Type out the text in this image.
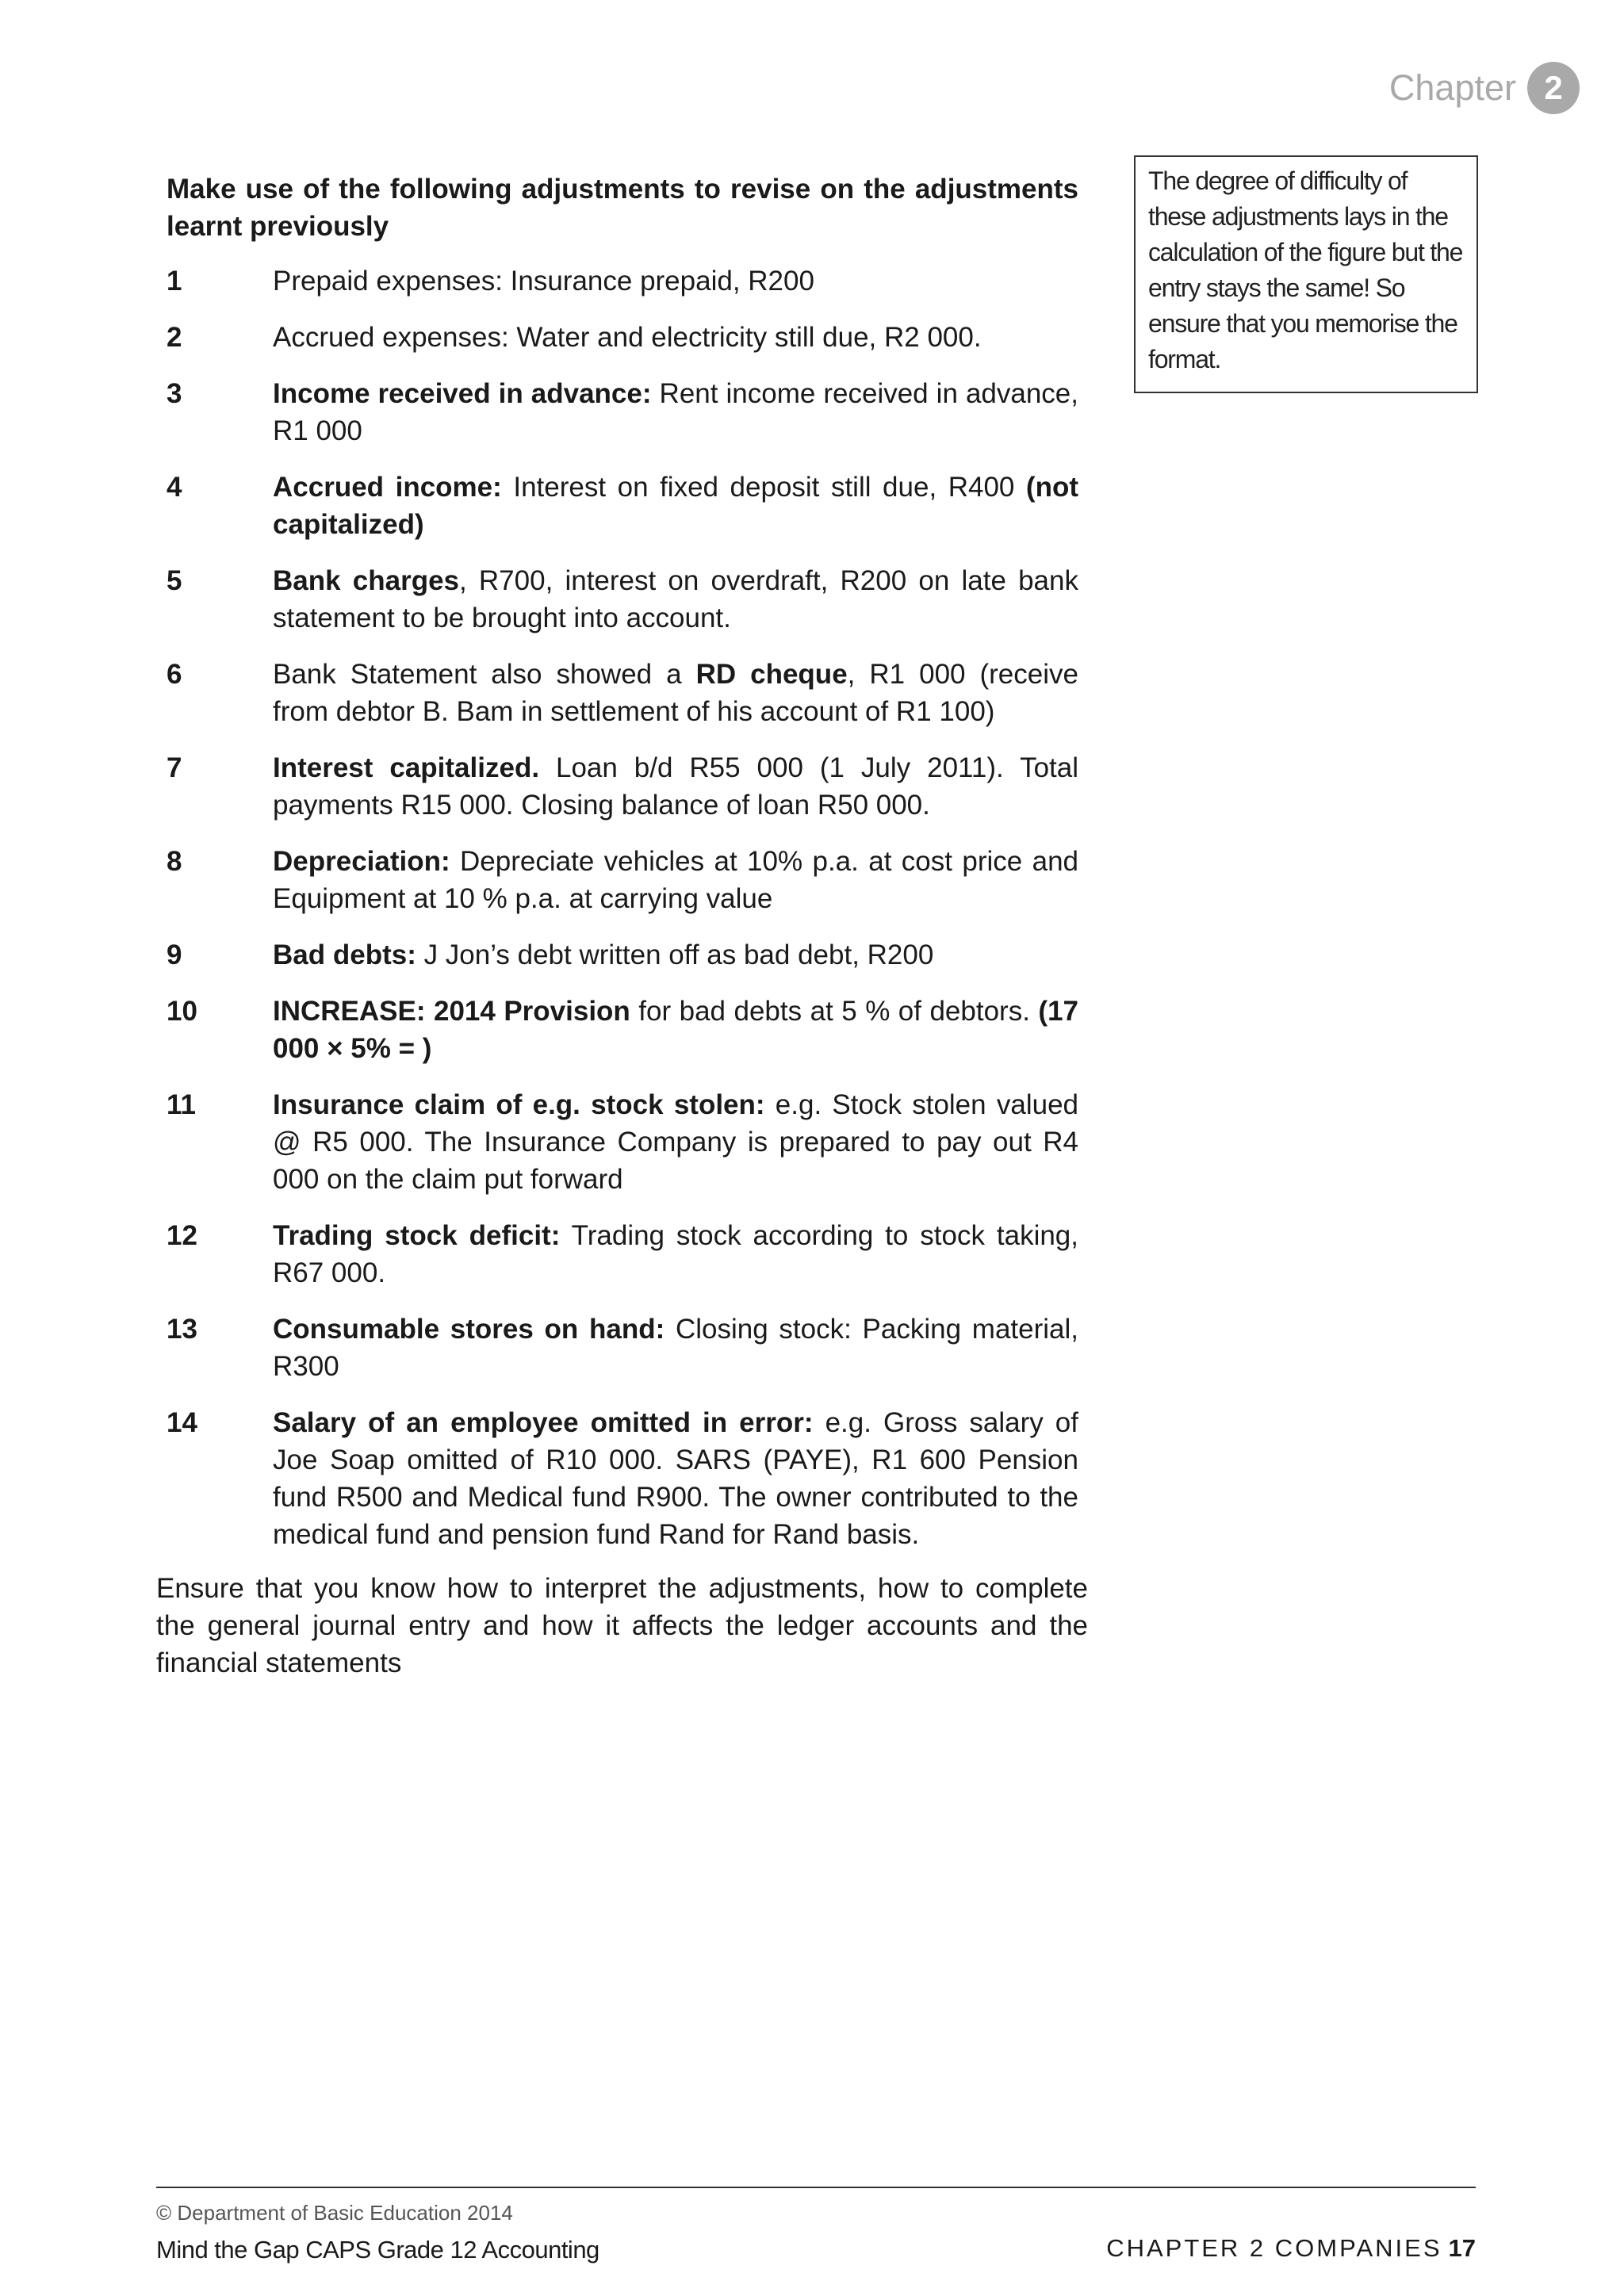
Chapter 2

Make use of the following adjustments to revise on the adjustments learnt previously

1	Prepaid expenses: Insurance prepaid, R200
2	Accrued expenses: Water and electricity still due, R2 000.
3	Income received in advance: Rent income received in advance, R1 000
4	Accrued income: Interest on fixed deposit still due, R400 (not capitalized)
5	Bank charges, R700, interest on overdraft, R200 on late bank statement to be brought into account.
6	Bank Statement also showed a RD cheque, R1 000 (receive from debtor B. Bam in settlement of his account of R1 100)
7	Interest capitalized. Loan b/d R55 000 (1 July 2011). Total payments R15 000. Closing balance of loan R50 000.
8	Depreciation: Depreciate vehicles at 10% p.a. at cost price and Equipment at 10 % p.a. at carrying value
9	Bad debts: J Jon’s debt written off as bad debt, R200
10	INCREASE: 2014 Provision for bad debts at 5 % of debtors. (17 000 × 5% = )
11	Insurance claim of e.g. stock stolen: e.g. Stock stolen valued @ R5 000. The Insurance Company is prepared to pay out R4 000 on the claim put forward
12	Trading stock deficit: Trading stock according to stock taking, R67 000.
13	Consumable stores on hand: Closing stock: Packing material, R300
14	Salary of an employee omitted in error: e.g. Gross salary of Joe Soap omitted of R10 000. SARS (PAYE), R1 600 Pension fund R500 and Medical fund R900. The owner contributed to the medical fund and pension fund Rand for Rand basis.

Ensure that you know how to interpret the adjustments, how to complete the general journal entry and how it affects the ledger accounts and the financial statements

The degree of difficulty of these adjustments lays in the calculation of the figure but the entry stays the same! So ensure that you memorise the format.
© Department of Basic Education 2014
Mind the Gap CAPS Grade 12 Accounting	CHAPTER 2 COMPANIES 17
